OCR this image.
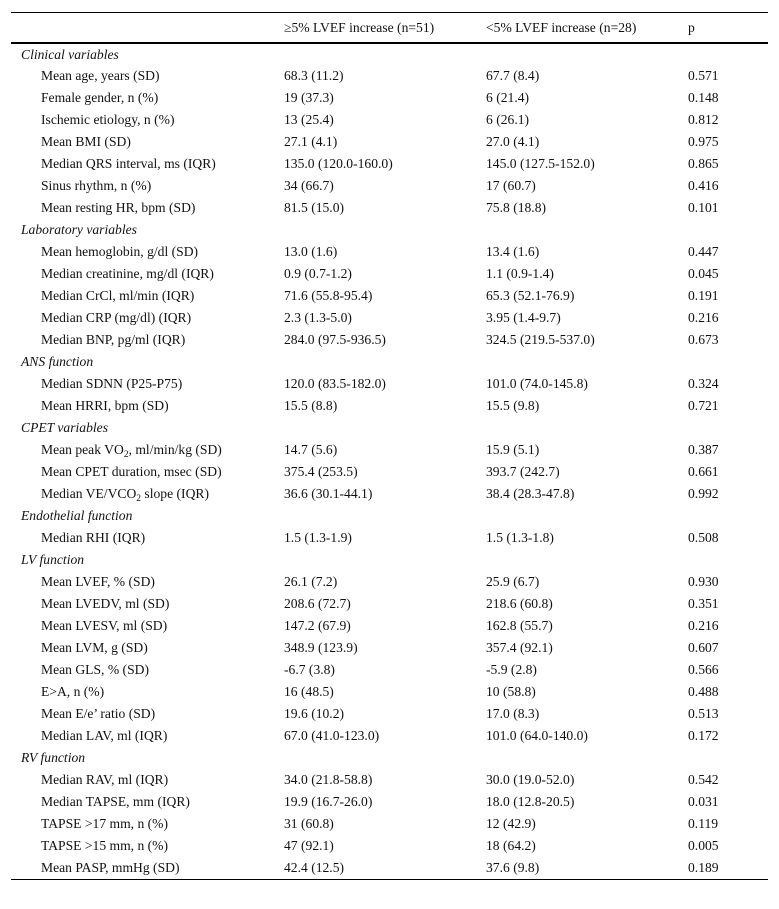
	≥5% LVEF increase (n=51)	<5% LVEF increase (n=28)	p
Clinical variables			
Mean age, years (SD)	68.3 (11.2)	67.7 (8.4)	0.571
Female gender, n (%)	19 (37.3)	6 (21.4)	0.148
Ischemic etiology, n (%)	13 (25.4)	6 (26.1)	0.812
Mean BMI (SD)	27.1 (4.1)	27.0 (4.1)	0.975
Median QRS interval, ms (IQR)	135.0 (120.0-160.0)	145.0 (127.5-152.0)	0.865
Sinus rhythm, n (%)	34 (66.7)	17 (60.7)	0.416
Mean resting HR, bpm (SD)	81.5 (15.0)	75.8 (18.8)	0.101
Laboratory variables			
Mean hemoglobin, g/dl (SD)	13.0 (1.6)	13.4 (1.6)	0.447
Median creatinine, mg/dl (IQR)	0.9 (0.7-1.2)	1.1 (0.9-1.4)	0.045
Median CrCl, ml/min (IQR)	71.6 (55.8-95.4)	65.3 (52.1-76.9)	0.191
Median CRP (mg/dl) (IQR)	2.3 (1.3-5.0)	3.95 (1.4-9.7)	0.216
Median BNP, pg/ml (IQR)	284.0 (97.5-936.5)	324.5 (219.5-537.0)	0.673
ANS function			
Median SDNN (P25-P75)	120.0 (83.5-182.0)	101.0 (74.0-145.8)	0.324
Mean HRRI, bpm (SD)	15.5 (8.8)	15.5 (9.8)	0.721
CPET variables			
Mean peak $VO_2$, ml/min/kg (SD)	14.7 (5.6)	15.9 (5.1)	0.387
Mean CPET duration, msec (SD)	375.4 (253.5)	393.7 (242.7)	0.661
Median $VE/VCO_2$ slope (IQR)	36.6 (30.1-44.1)	38.4 (28.3-47.8)	0.992
Endothelial function			
Median RHI (IQR)	1.5 (1.3-1.9)	1.5 (1.3-1.8)	0.508
LV function			
Mean LVEF, % (SD)	26.1 (7.2)	25.9 (6.7)	0.930
Mean LVEDV, ml (SD)	208.6 (72.7)	218.6 (60.8)	0.351
Mean LVESV, ml (SD)	147.2 (67.9)	162.8 (55.7)	0.216
Mean LVM, g (SD)	348.9 (123.9)	357.4 (92.1)	0.607
Mean GLS, % (SD)	-6.7 (3.8)	-5.9 (2.8)	0.566
E>A, n (%)	16 (48.5)	10 (58.8)	0.488
Mean E/e’ ratio (SD)	19.6 (10.2)	17.0 (8.3)	0.513
Median LAV, ml (IQR)	67.0 (41.0-123.0)	101.0 (64.0-140.0)	0.172
RV function			
Median RAV, ml (IQR)	34.0 (21.8-58.8)	30.0 (19.0-52.0)	0.542
Median TAPSE, mm (IQR)	19.9 (16.7-26.0)	18.0 (12.8-20.5)	0.031
TAPSE >17 mm, n (%)	31 (60.8)	12 (42.9)	0.119
TAPSE >15 mm, n (%)	47 (92.1)	18 (64.2)	0.005
Mean PASP, mmHg (SD)	42.4 (12.5)	37.6 (9.8)	0.189
